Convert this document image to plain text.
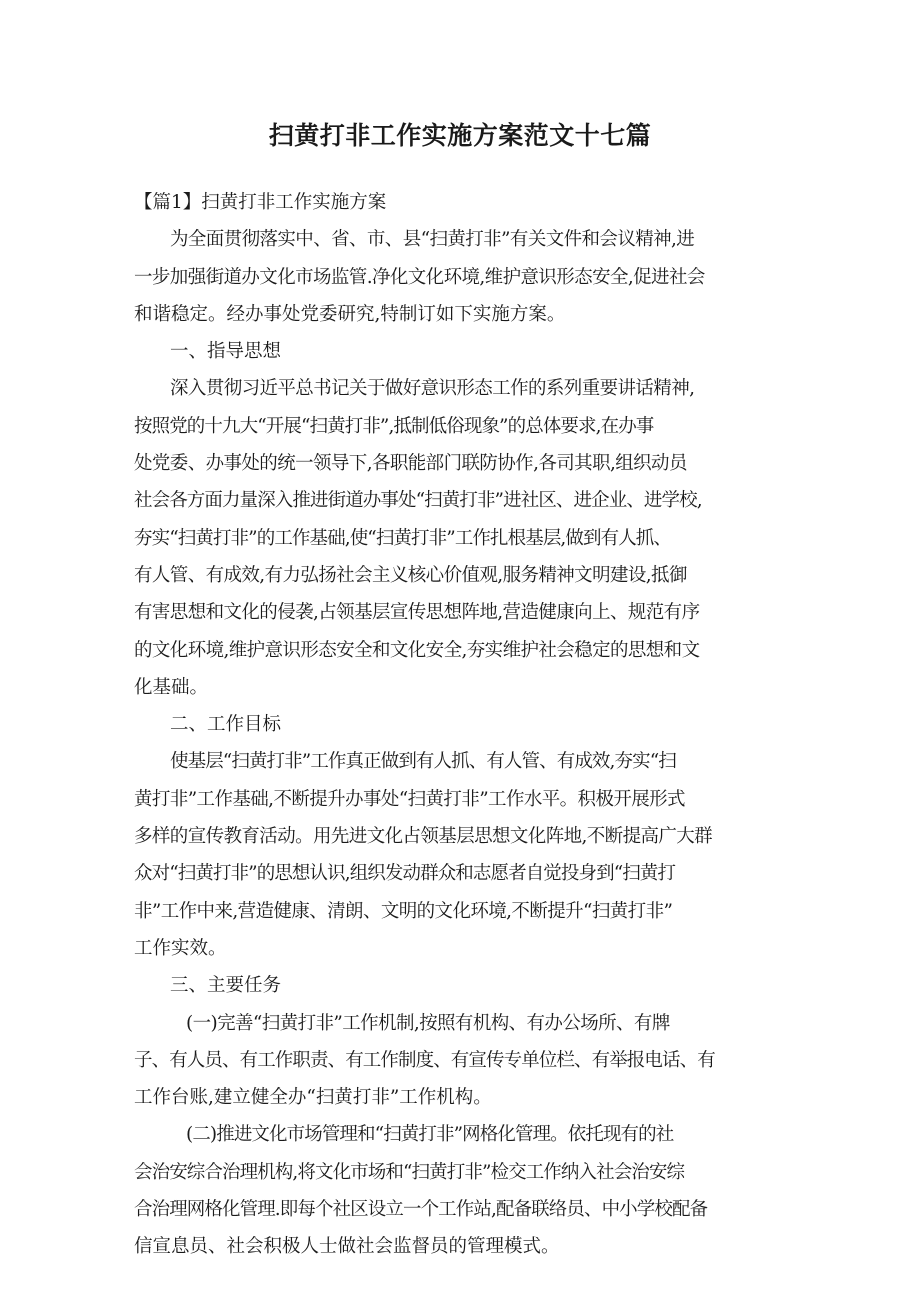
扫黄打非工作实施方案范文十七篇
【篇1】扫黄打非工作实施方案
为全面贯彻落实中、省、市、县“扫黄打非”有关文件和会议精神,进
一步加强街道办文化市场监管.净化文化环境,维护意识形态安全,促进社会
和谐稳定。经办事处党委研究,特制订如下实施方案。
一、指导思想
深入贯彻习近平总书记关于做好意识形态工作的系列重要讲话精神,
按照党的十九大“开展“扫黄打非”,抵制低俗现象”的总体要求,在办事
处党委、办事处的统一领导下,各职能部门联防协作,各司其职,组织动员
社会各方面力量深入推进街道办事处“扫黄打非”进社区、进企业、进学校,
夯实“扫黄打非”的工作基础,使“扫黄打非”工作扎根基层,做到有人抓、
有人管、有成效,有力弘扬社会主义核心价值观,服务精神文明建设,抵御
有害思想和文化的侵袭,占领基层宣传思想阵地,营造健康向上、规范有序
的文化环境,维护意识形态安全和文化安全,夯实维护社会稳定的思想和文
化基础。
二、工作目标
使基层“扫黄打非”工作真正做到有人抓、有人管、有成效,夯实“扫
黄打非”工作基础,不断提升办事处“扫黄打非”工作水平。积极开展形式
多样的宣传教育活动。用先进文化占领基层思想文化阵地,不断提高广大群
众对“扫黄打非”的思想认识,组织发动群众和志愿者自觉投身到“扫黄打
非”工作中来,营造健康、清朗、文明的文化环境,不断提升“扫黄打非”
工作实效。
三、主要任务
(一)完善“扫黄打非”工作机制,按照有机构、有办公场所、有牌
子、有人员、有工作职责、有工作制度、有宣传专单位栏、有举报电话、有
工作台账,建立健全办“扫黄打非”工作机构。
(二)推进文化市场管理和“扫黄打非”网格化管理。依托现有的社
会治安综合治理机构,将文化市场和“扫黄打非”检交工作纳入社会治安综
合治理网格化管理.即每个社区设立一个工作站,配备联络员、中小学校配备
信宣息员、社会积极人士做社会监督员的管理模式。
